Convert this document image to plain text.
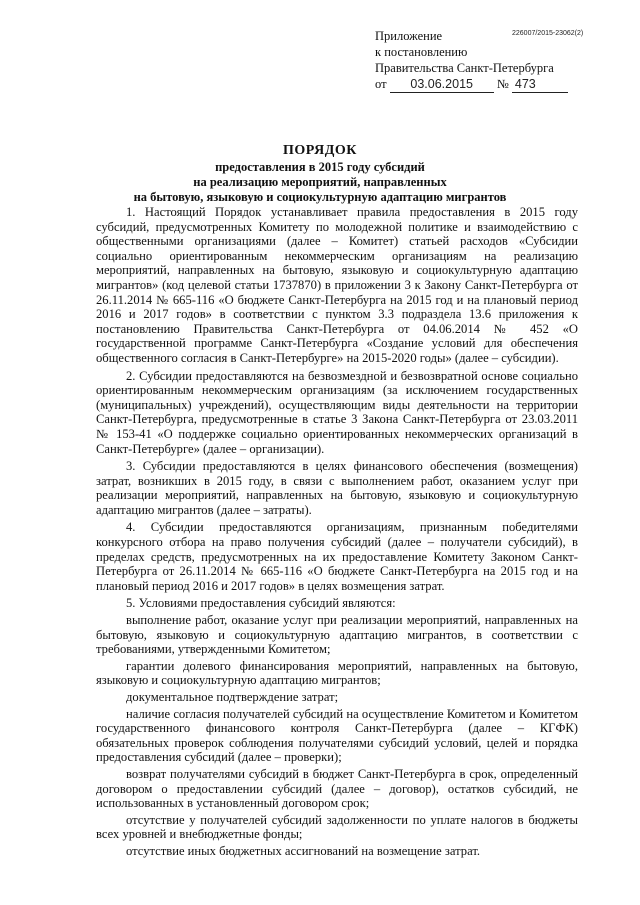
226007/2015-23062(2)
Приложение
к постановлению
Правительства Санкт-Петербурга
от 03.06.2015 № 473
ПОРЯДОК
предоставления в 2015 году субсидий
на реализацию мероприятий, направленных
на бытовую, языковую и социокультурную адаптацию мигрантов

1. Настоящий Порядок устанавливает правила предоставления в 2015 году субсидий, предусмотренных Комитету по молодежной политике и взаимодействию с общественными организациями (далее – Комитет) статьей расходов «Субсидии социально ориентированным некоммерческим организациям на реализацию мероприятий, направленных на бытовую, языковую и социокультурную адаптацию мигрантов» (код целевой статьи 1737870) в приложении 3 к Закону Санкт-Петербурга от 26.11.2014 № 665-116 «О бюджете Санкт-Петербурга на 2015 год и на плановый период 2016 и 2017 годов» в соответствии с пунктом 3.3 подраздела 13.6 приложения к постановлению Правительства Санкт-Петербурга от 04.06.2014 № 452 «О государственной программе Санкт-Петербурга «Создание условий для обеспечения общественного согласия в Санкт-Петербурге» на 2015-2020 годы» (далее – субсидии).

2. Субсидии предоставляются на безвозмездной и безвозвратной основе социально ориентированным некоммерческим организациям (за исключением государственных (муниципальных) учреждений), осуществляющим виды деятельности на территории Санкт-Петербурга, предусмотренные в статье 3 Закона Санкт-Петербурга от 23.03.2011 № 153-41 «О поддержке социально ориентированных некоммерческих организаций в Санкт-Петербурге» (далее – организации).

3. Субсидии предоставляются в целях финансового обеспечения (возмещения) затрат, возникших в 2015 году, в связи с выполнением работ, оказанием услуг при реализации мероприятий, направленных на бытовую, языковую и социокультурную адаптацию мигрантов (далее – затраты).

4. Субсидии предоставляются организациям, признанным победителями конкурсного отбора на право получения субсидий (далее – получатели субсидий), в пределах средств, предусмотренных на их предоставление Комитету Законом Санкт-Петербурга от 26.11.2014 № 665-116 «О бюджете Санкт-Петербурга на 2015 год и на плановый период 2016 и 2017 годов» в целях возмещения затрат.

5. Условиями предоставления субсидий являются:

выполнение работ, оказание услуг при реализации мероприятий, направленных на бытовую, языковую и социокультурную адаптацию мигрантов, в соответствии с требованиями, утвержденными Комитетом;

гарантии долевого финансирования мероприятий, направленных на бытовую, языковую и социокультурную адаптацию мигрантов;

документальное подтверждение затрат;

наличие согласия получателей субсидий на осуществление Комитетом и Комитетом государственного финансового контроля Санкт-Петербурга (далее – КГФК) обязательных проверок соблюдения получателями субсидий условий, целей и порядка предоставления субсидий (далее – проверки);

возврат получателями субсидий в бюджет Санкт-Петербурга в срок, определенный договором о предоставлении субсидий (далее – договор), остатков субсидий, не использованных в установленный договором срок;

отсутствие у получателей субсидий задолженности по уплате налогов в бюджеты всех уровней и внебюджетные фонды;

отсутствие иных бюджетных ассигнований на возмещение затрат.
